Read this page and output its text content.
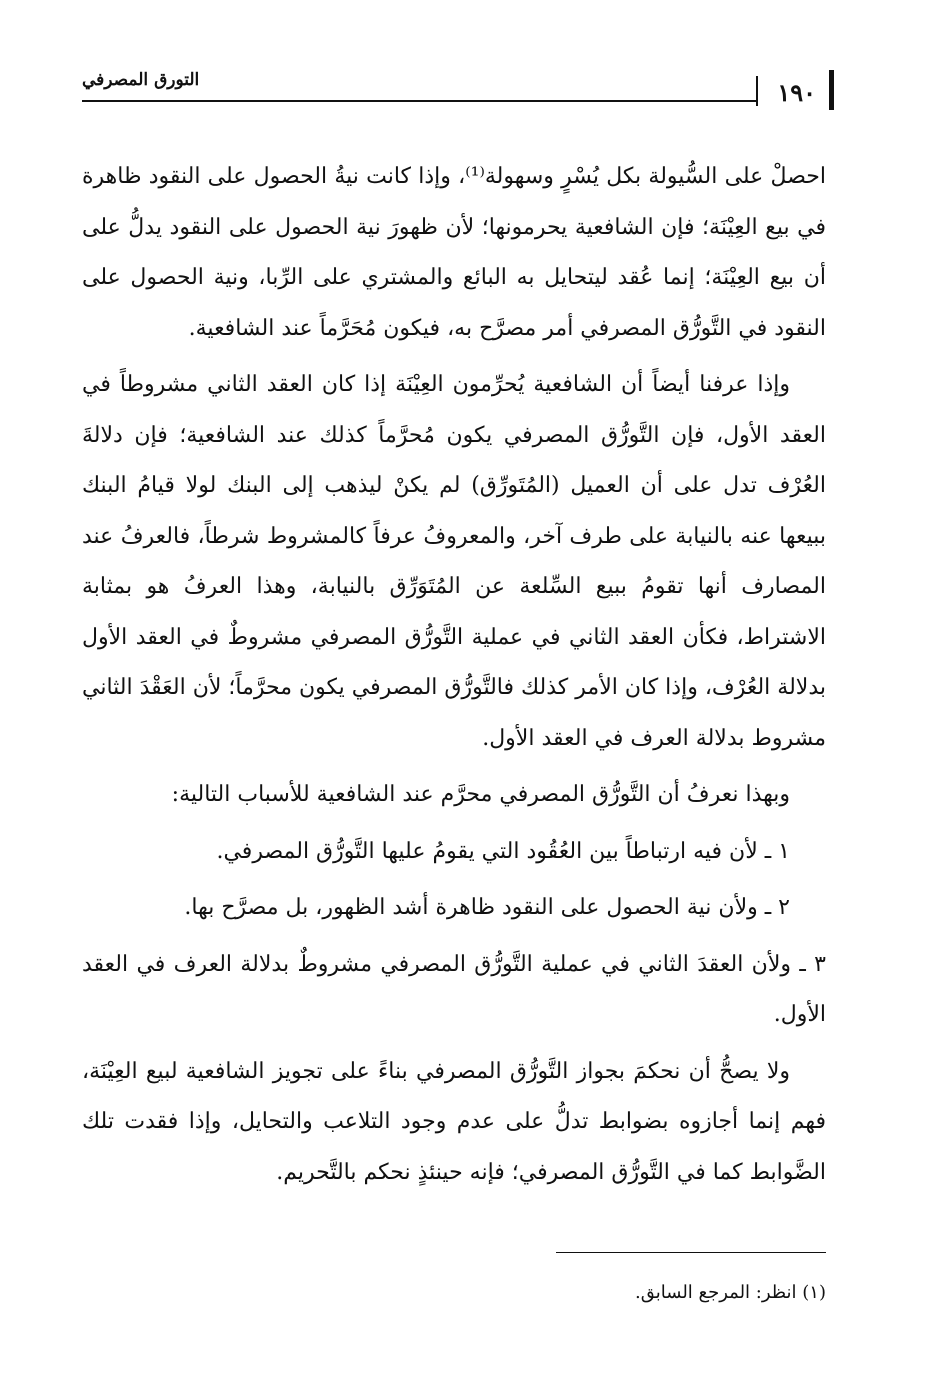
١٩٠
التورق المصرفي

احصلْ على السُّيولة بكل يُسْرٍ وسهولة⁽¹⁾، وإذا كانت نيةُ الحصول على النقود ظاهرة في بيع العِيْنَة؛ فإن الشافعية يحرمونها؛ لأن ظهورَ نية الحصول على النقود يدلُّ على أن بيع العِيْنَة؛ إنما عُقد ليتحايل به البائع والمشتري على الرِّبا، ونية الحصول على النقود في التَّورُّق المصرفي أمر مصرَّح به، فيكون مُحَرَّماً عند الشافعية.

وإذا عرفنا أيضاً أن الشافعية يُحرِّمون العِيْنَة إذا كان العقد الثاني مشروطاً في العقد الأول، فإن التَّورُّق المصرفي يكون مُحرَّماً كذلك عند الشافعية؛ فإن دلالةَ العُرْف تدل على أن العميل (المُتَورِّق) لم يكنْ ليذهب إلى البنك لولا قيامُ البنك ببيعها عنه بالنيابة على طرف آخر، والمعروفُ عرفاً كالمشروط شرطاً، فالعرفُ عند المصارف أنها تقومُ ببيع السِّلعة عن المُتَوَرِّق بالنيابة، وهذا العرفُ هو بمثابة الاشتراط، فكأن العقد الثاني في عملية التَّورُّق المصرفي مشروطٌ في العقد الأول بدلالة العُرْف، وإذا كان الأمر كذلك فالتَّورُّق المصرفي يكون محرَّماً؛ لأن العَقْدَ الثاني مشروط بدلالة العرف في العقد الأول.

وبهذا نعرفُ أن التَّورُّق المصرفي محرَّم عند الشافعية للأسباب التالية:

١ ـ لأن فيه ارتباطاً بين العُقُود التي يقومُ عليها التَّورُّق المصرفي.

٢ ـ ولأن نية الحصول على النقود ظاهرة أشد الظهور، بل مصرَّح بها.

٣ ـ ولأن العقدَ الثاني في عملية التَّورُّق المصرفي مشروطٌ بدلالة العرف في العقد الأول.

ولا يصحُّ أن نحكمَ بجواز التَّورُّق المصرفي بناءً على تجويز الشافعية لبيع العِيْنَة، فهم إنما أجازوه بضوابط تدلُّ على عدم وجود التلاعب والتحايل، وإذا فقدت تلك الضَّوابط كما في التَّورُّق المصرفي؛ فإنه حينئذٍ نحكم بالتَّحريم.

(١) انظر: المرجع السابق.
